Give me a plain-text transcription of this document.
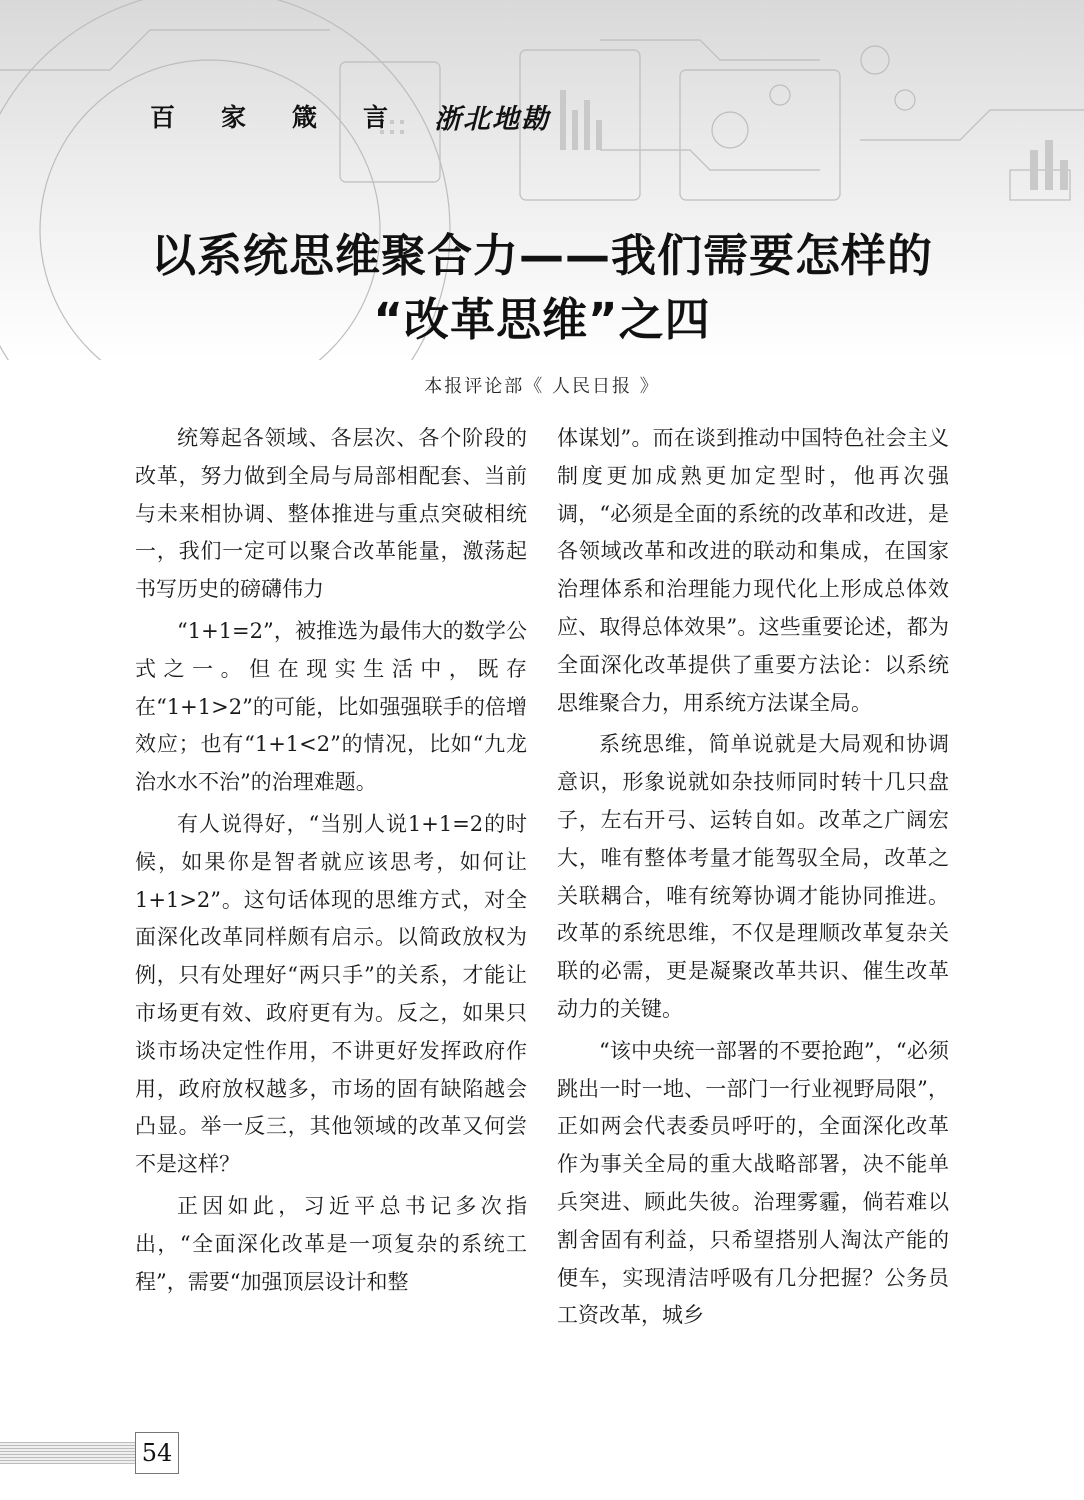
百 家 箴 言 浙北地勘
以系统思维聚合力——我们需要怎样的
“改革思维”之四
本报评论部《 人民日报 》

统筹起各领域、各层次、各个阶段的改革，努力做到全局与局部相配套、当前与未来相协调、整体推进与重点突破相统一，我们一定可以聚合改革能量，激荡起书写历史的磅礴伟力

“1+1=2”，被推选为最伟大的数学公式之一。但在现实生活中，既存在“1+1>2”的可能，比如强强联手的倍增效应；也有“1+1<2”的情况，比如“九龙治水水不治”的治理难题。

有人说得好，“当别人说1+1=2的时候，如果你是智者就应该思考，如何让1+1>2”。这句话体现的思维方式，对全面深化改革同样颇有启示。以简政放权为例，只有处理好“两只手”的关系，才能让市场更有效、政府更有为。反之，如果只谈市场决定性作用，不讲更好发挥政府作用，政府放权越多，市场的固有缺陷越会凸显。举一反三，其他领域的改革又何尝不是这样？

正因如此，习近平总书记多次指出，“全面深化改革是一项复杂的系统工程”，需要“加强顶层设计和整

体谋划”。而在谈到推动中国特色社会主义制度更加成熟更加定型时，他再次强调，“必须是全面的系统的改革和改进，是各领域改革和改进的联动和集成，在国家治理体系和治理能力现代化上形成总体效应、取得总体效果”。这些重要论述，都为全面深化改革提供了重要方法论：以系统思维聚合力，用系统方法谋全局。

系统思维，简单说就是大局观和协调意识，形象说就如杂技师同时转十几只盘子，左右开弓、运转自如。改革之广阔宏大，唯有整体考量才能驾驭全局，改革之关联耦合，唯有统筹协调才能协同推进。改革的系统思维，不仅是理顺改革复杂关联的必需，更是凝聚改革共识、催生改革动力的关键。

“该中央统一部署的不要抢跑”，“必须跳出一时一地、一部门一行业视野局限”，正如两会代表委员呼吁的，全面深化改革作为事关全局的重大战略部署，决不能单兵突进、顾此失彼。治理雾霾，倘若难以割舍固有利益，只希望搭别人淘汰产能的便车，实现清洁呼吸有几分把握？公务员工资改革，城乡

54
